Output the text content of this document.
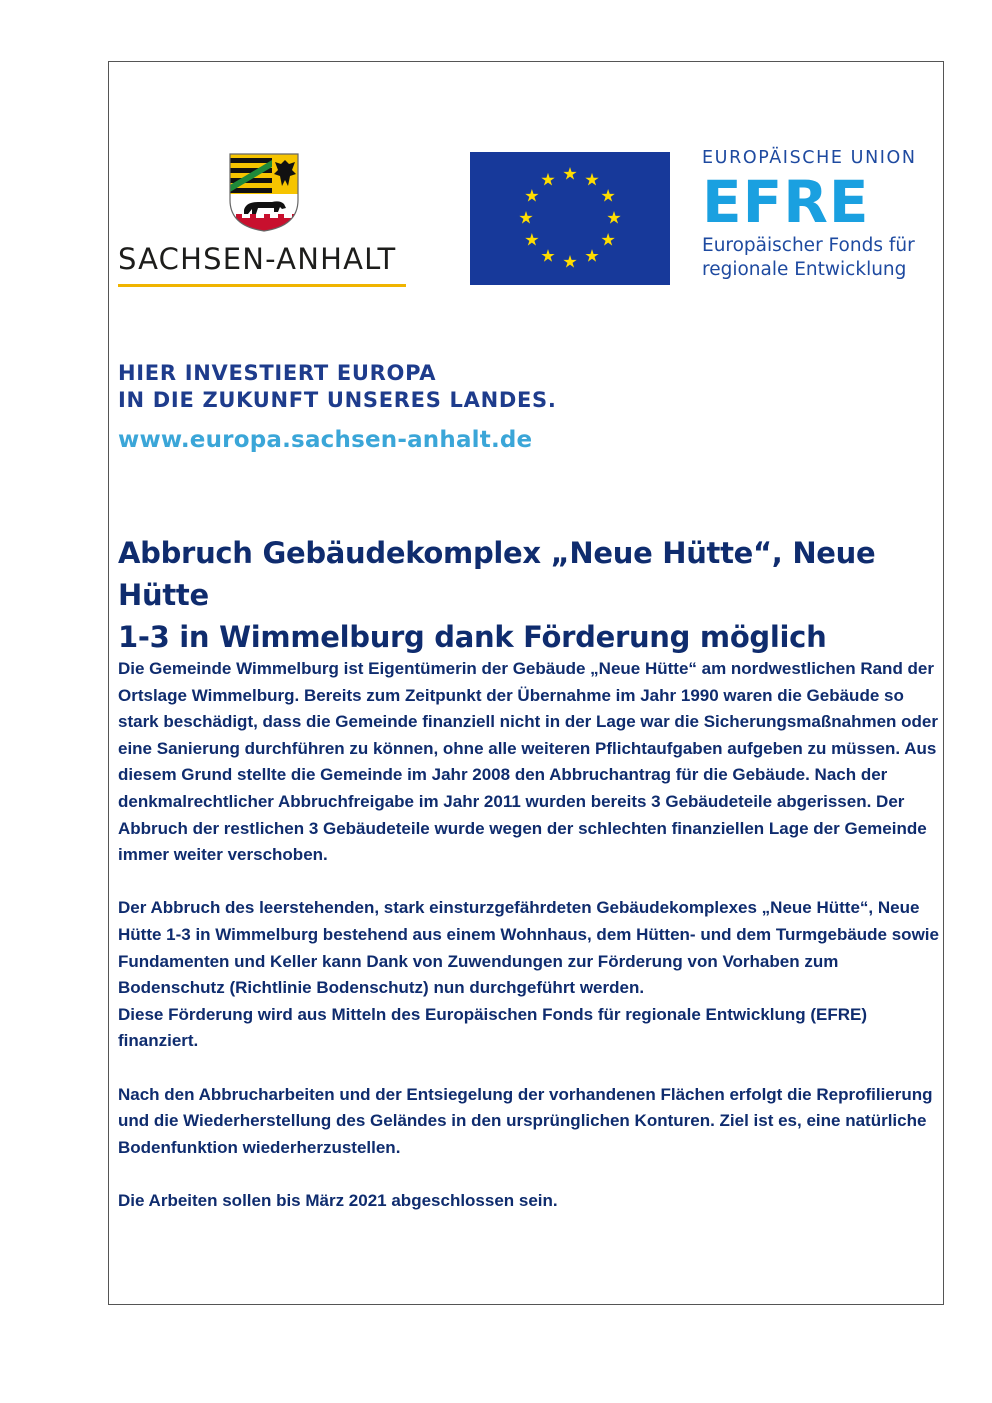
SACHSEN-ANHALT
EUROPÄISCHE UNION
EFRE
Europäischer Fonds für
regionale Entwicklung
HIER INVESTIERT EUROPA
IN DIE ZUKUNFT UNSERES LANDES.
www.europa.sachsen-anhalt.de
Abbruch Gebäudekomplex „Neue Hütte“, Neue Hütte
1-3 in Wimmelburg dank Förderung möglich

Die Gemeinde Wimmelburg ist Eigentümerin der Gebäude „Neue Hütte“ am nordwestlichen Rand der Ortslage Wimmelburg. Bereits zum Zeitpunkt der Übernahme im Jahr 1990 waren die Gebäude so stark beschädigt, dass die Gemeinde finanziell nicht in der Lage war die Sicherungsmaßnahmen oder eine Sanierung durchführen zu können, ohne alle weiteren Pflichtaufgaben aufgeben zu müssen. Aus diesem Grund stellte die Gemeinde im Jahr 2008 den Abbruchantrag für die Gebäude. Nach der denkmalrechtlicher Abbruchfreigabe im Jahr 2011 wurden bereits 3 Gebäudeteile abgerissen. Der Abbruch der restlichen 3 Gebäudeteile wurde wegen der schlechten finanziellen Lage der Gemeinde immer weiter verschoben.

Der Abbruch des leerstehenden, stark einsturzgefährdeten Gebäudekomplexes „Neue Hütte“, Neue Hütte 1-3 in Wimmelburg bestehend aus einem Wohnhaus, dem Hütten- und dem Turmgebäude sowie Fundamenten und Keller kann Dank von Zuwendungen zur Förderung von Vorhaben zum Bodenschutz (Richtlinie Bodenschutz) nun durchgeführt werden.

Diese Förderung wird aus Mitteln des Europäischen Fonds für regionale Entwicklung (EFRE) finanziert.

Nach den Abbrucharbeiten und der Entsiegelung der vorhandenen Flächen erfolgt die Reprofilierung und die Wiederherstellung des Geländes in den ursprünglichen Konturen. Ziel ist es, eine natürliche Bodenfunktion wiederherzustellen.

Die Arbeiten sollen bis März 2021 abgeschlossen sein.
